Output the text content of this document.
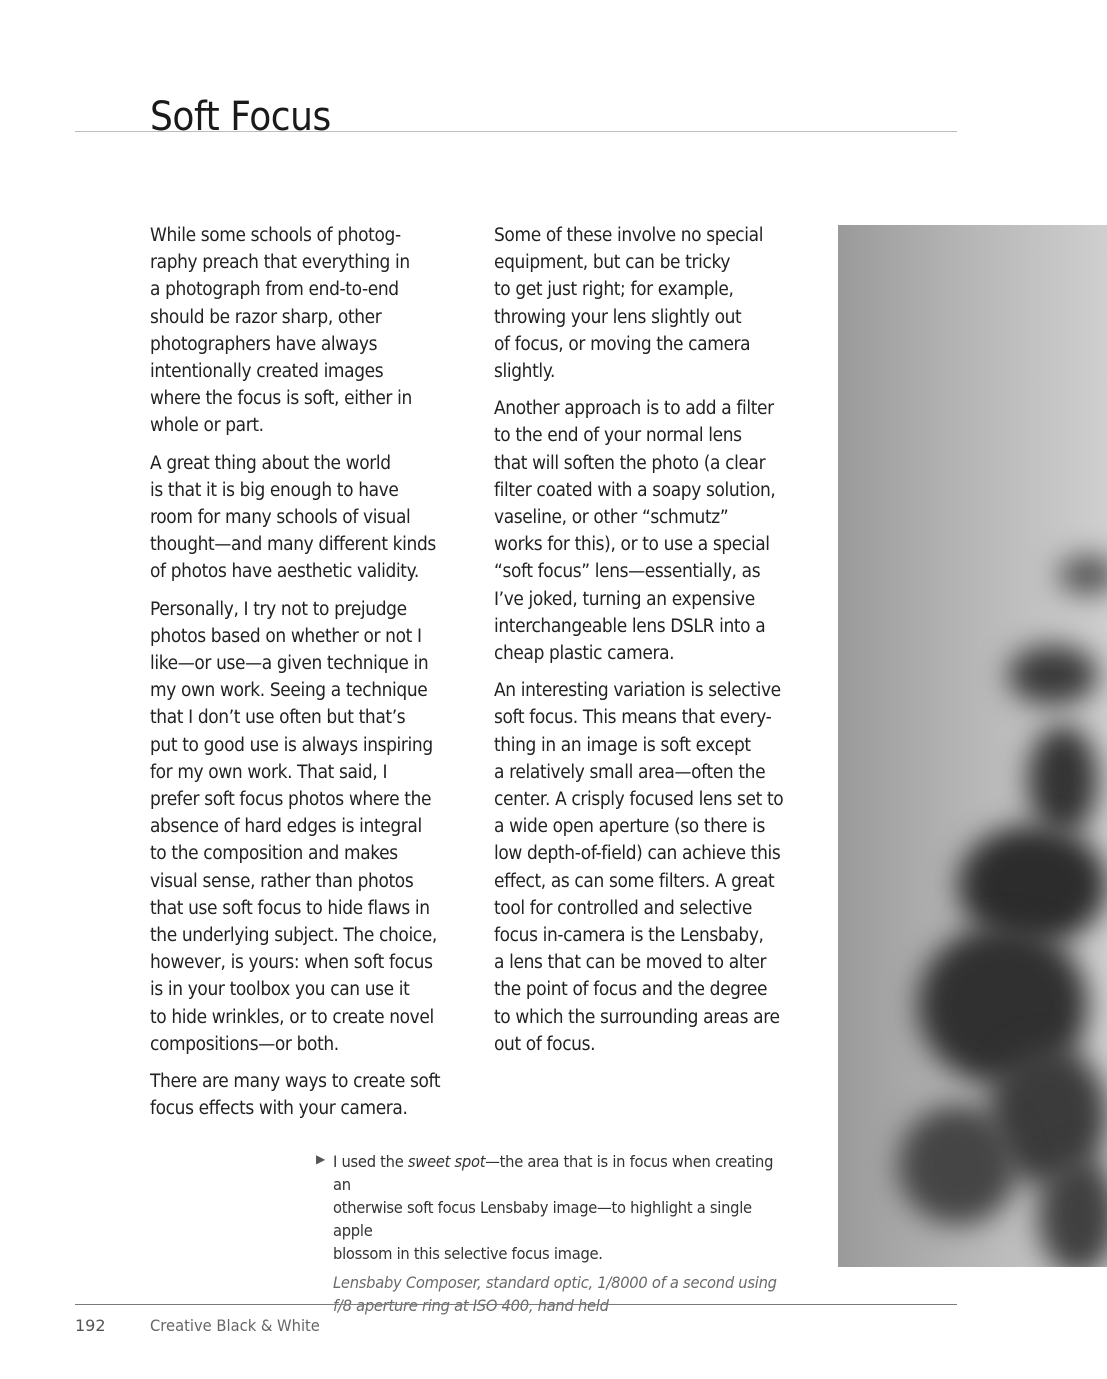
Soft Focus

While some schools of photog-
raphy preach that everything in
a photograph from end-to-end
should be razor sharp, other
photographers have always
intentionally created images
where the focus is soft, either in
whole or part.

A great thing about the world
is that it is big enough to have
room for many schools of visual
thought—and many different kinds
of photos have aesthetic validity.

Personally, I try not to prejudge
photos based on whether or not I
like—or use—a given technique in
my own work. Seeing a technique
that I don’t use often but that’s
put to good use is always inspiring
for my own work. That said, I
prefer soft focus photos where the
absence of hard edges is integral
to the composition and makes
visual sense, rather than photos
that use soft focus to hide flaws in
the underlying subject. The choice,
however, is yours: when soft focus
is in your toolbox you can use it
to hide wrinkles, or to create novel
compositions—or both.

There are many ways to create soft
focus effects with your camera.

Some of these involve no special
equipment, but can be tricky
to get just right; for example,
throwing your lens slightly out
of focus, or moving the camera
slightly.

Another approach is to add a filter
to the end of your normal lens
that will soften the photo (a clear
filter coated with a soapy solution,
vaseline, or other “schmutz”
works for this), or to use a special
“soft focus” lens—essentially, as
I’ve joked, turning an expensive
interchangeable lens DSLR into a
cheap plastic camera.

An interesting variation is selective
soft focus. This means that every-
thing in an image is soft except
a relatively small area—often the
center. A crisply focused lens set to
a wide open aperture (so there is
low depth-of-field) can achieve this
effect, as can some filters. A great
tool for controlled and selective
focus in-camera is the Lensbaby,
a lens that can be moved to alter
the point of focus and the degree
to which the surrounding areas are
out of focus.

▶ I used the sweet spot—the area that is in focus when creating an
otherwise soft focus Lensbaby image—to highlight a single apple
blossom in this selective focus image.

Lensbaby Composer, standard optic, 1/8000 of a second using
f/8 aperture ring at ISO 400, hand held

192	Creative Black & White
